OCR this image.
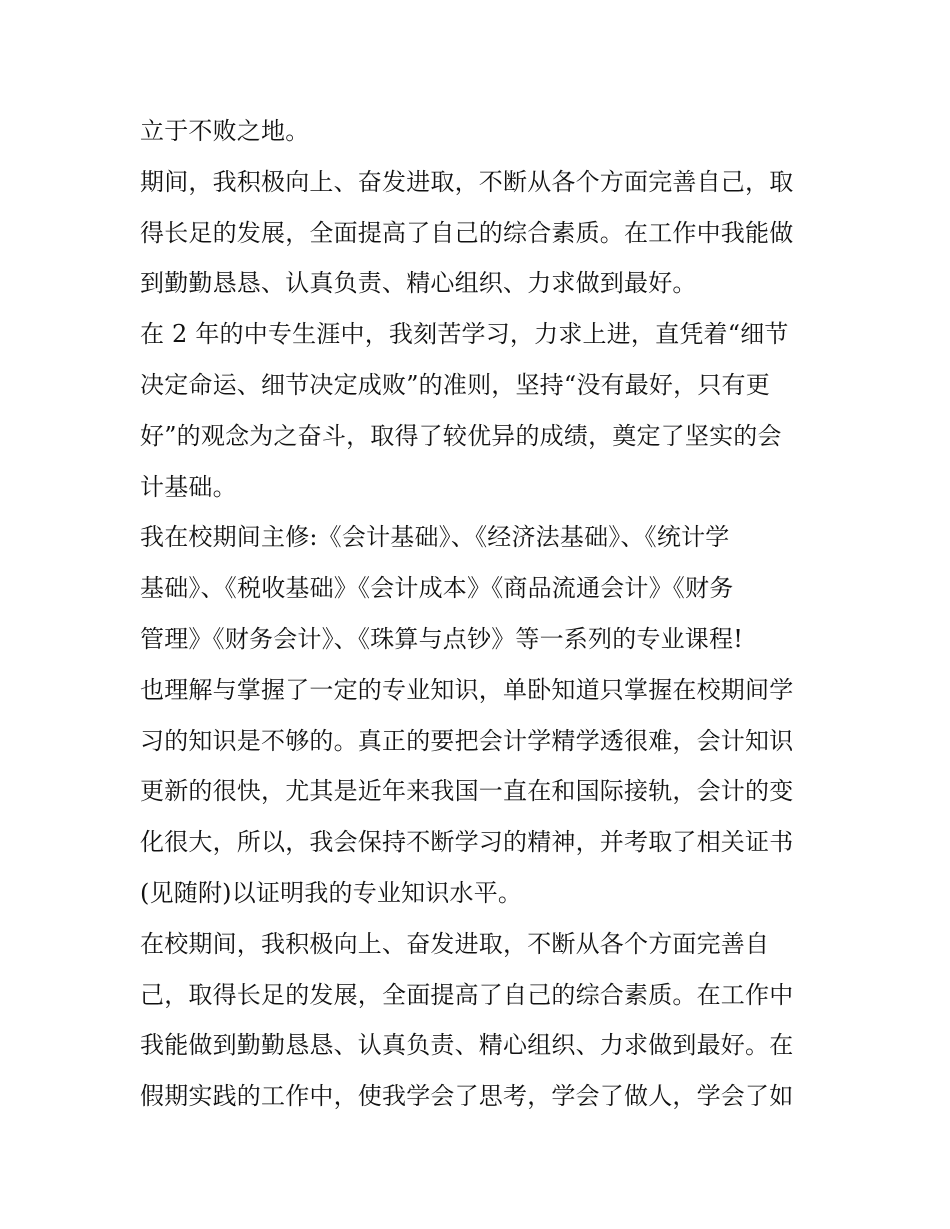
立于不败之地。
期间，我积极向上、奋发进取，不断从各个方面完善自己，取
得长足的发展，全面提高了自己的综合素质。在工作中我能做
到勤勤恳恳、认真负责、精心组织、力求做到最好。
在 2 年的中专生涯中，我刻苦学习，力求上进，直凭着“细节
决定命运、细节决定成败”的准则，坚持“没有最好，只有更
好”的观念为之奋斗，取得了较优异的成绩，奠定了坚实的会
计基础。
我在校期间主修:《会计基础》、《经济法基础》、《统计学
基础》、《税收基础》《会计成本》《商品流通会计》《财务
管理》《财务会计》、《珠算与点钞》等一系列的专业课程!
也理解与掌握了一定的专业知识，单卧知道只掌握在校期间学
习的知识是不够的。真正的要把会计学精学透很难，会计知识
更新的很快，尤其是近年来我国一直在和国际接轨，会计的变
化很大，所以，我会保持不断学习的精神，并考取了相关证书
(见随附)以证明我的专业知识水平。
在校期间，我积极向上、奋发进取，不断从各个方面完善自
己，取得长足的发展，全面提高了自己的综合素质。在工作中
我能做到勤勤恳恳、认真负责、精心组织、力求做到最好。在
假期实践的工作中，使我学会了思考，学会了做人，学会了如
